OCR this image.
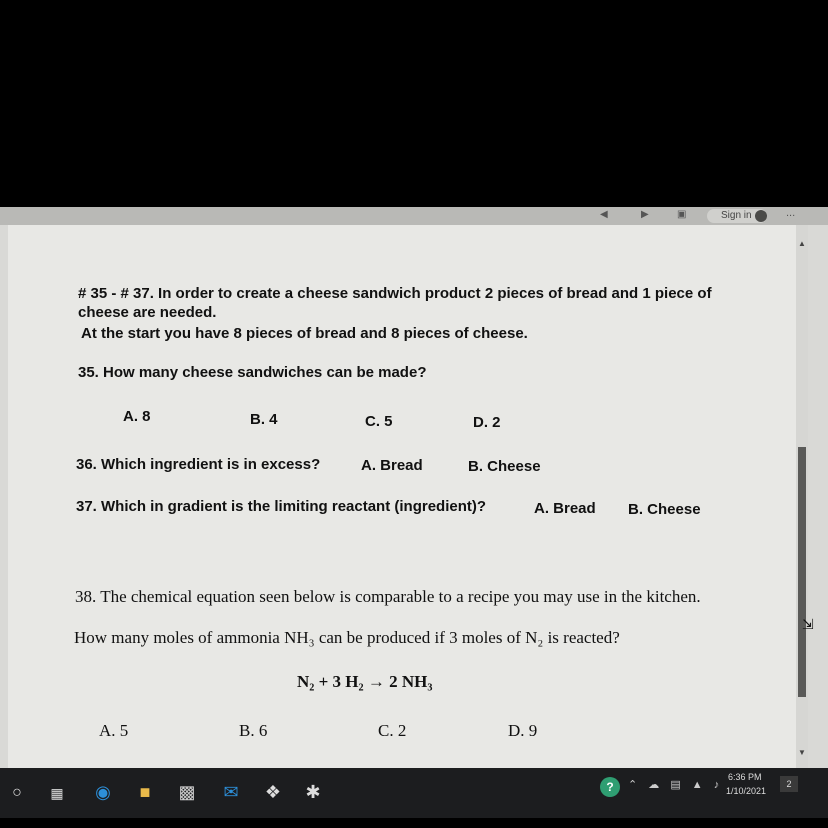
◀	▶	▣	Sign in	...
# 35 - # 37. In order to create a cheese sandwich product 2 pieces of bread and 1 piece of
cheese are needed.
At the start you have 8 pieces of bread and 8 pieces of cheese.
35. How many cheese sandwiches can be made?
A. 8	B. 4	C. 5	D. 2
36. Which ingredient is in excess?	A. Bread	B. Cheese
37. Which in gradient is the limiting reactant (ingredient)?	A. Bread B. Cheese
38. The chemical equation seen below is comparable to a recipe you may use in the kitchen.
How many moles of ammonia NH₃ can be produced if 3 moles of N₂ is reacted?
N₂ + 3 H₂ → 2 NH₃
A. 5	B. 6	C. 2	D. 9
▲
▼
⇲
○	▦ ◉	■	▩ ✉ ❖ ✱	?	⌃ ☁ ▤ ▲ ♪
6:36 PM
1/10/2021
2
